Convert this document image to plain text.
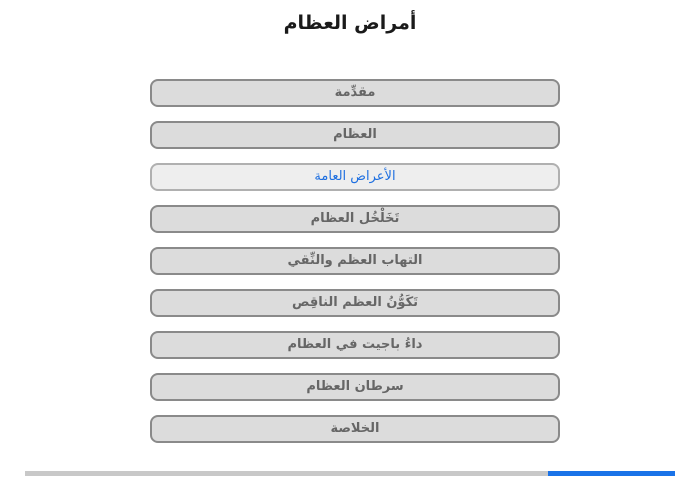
أمراض العظام
مقدِّمة
العظام
الأعراض العامة
تَخَلْخُل العظام
التهاب العظم والنِّقي
تَكَوُّنُ العظم الناقِص
داءُ باجيت في العظام
سرطان العظام
الخلاصة
